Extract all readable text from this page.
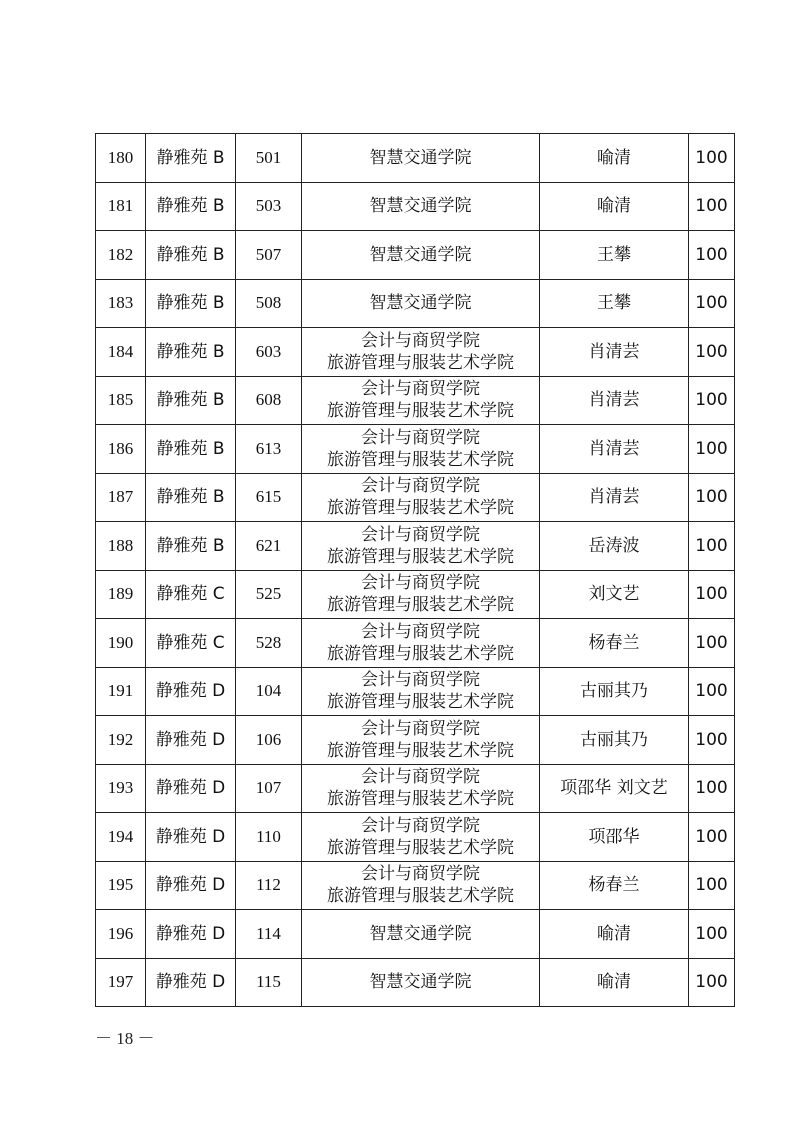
180	静雅苑 B	501	智慧交通学院	喻清	100
181	静雅苑 B	503	智慧交通学院	喻清	100
182	静雅苑 B	507	智慧交通学院	王攀	100
183	静雅苑 B	508	智慧交通学院	王攀	100
184	静雅苑 B	603	会计与商贸学院
旅游管理与服装艺术学院	肖清芸	100
185	静雅苑 B	608	会计与商贸学院
旅游管理与服装艺术学院	肖清芸	100
186	静雅苑 B	613	会计与商贸学院
旅游管理与服装艺术学院	肖清芸	100
187	静雅苑 B	615	会计与商贸学院
旅游管理与服装艺术学院	肖清芸	100
188	静雅苑 B	621	会计与商贸学院
旅游管理与服装艺术学院	岳涛波	100
189	静雅苑 C	525	会计与商贸学院
旅游管理与服装艺术学院	刘文艺	100
190	静雅苑 C	528	会计与商贸学院
旅游管理与服装艺术学院	杨春兰	100
191	静雅苑 D	104	会计与商贸学院
旅游管理与服装艺术学院	古丽其乃	100
192	静雅苑 D	106	会计与商贸学院
旅游管理与服装艺术学院	古丽其乃	100
193	静雅苑 D	107	会计与商贸学院
旅游管理与服装艺术学院	项邵华 刘文艺	100
194	静雅苑 D	110	会计与商贸学院
旅游管理与服装艺术学院	项邵华	100
195	静雅苑 D	112	会计与商贸学院
旅游管理与服装艺术学院	杨春兰	100
196	静雅苑 D	114	智慧交通学院	喻清	100
197	静雅苑 D	115	智慧交通学院	喻清	100
－ 18 －
